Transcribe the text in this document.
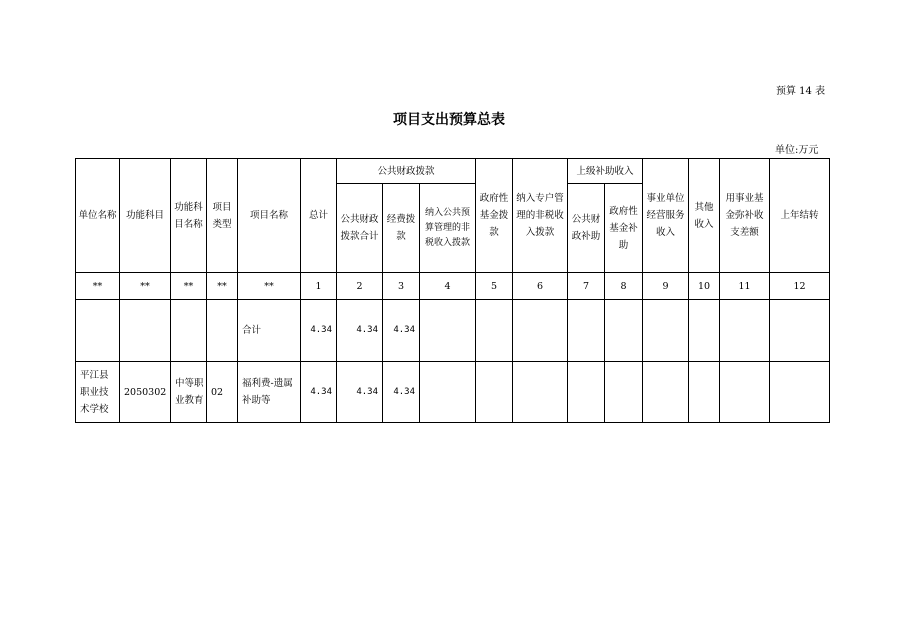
预算 14 表
项目支出预算总表
单位:万元
单位名称	功能科目	功能科目名称	项目类型	项目名称	总计	公共财政拨款			政府性基金拨款	纳入专户管理的非税收入拨款	上级补助收入		事业单位经营服务收入	其他收入	用事业基金弥补收支差额	上年结转
						公共财政拨款合计	经费拨款	纳入公共预算管理的非税收入拨款			公共财政补助	政府性基金补助				
**	**	**	**	**	1	2	3	4	5	6	7	8	9	10	11	12
				合计	4.34	4.34	4.34									
平江县职业技术学校	2050302	中等职业教育	02	福利费-遗属补助等	4.34	4.34	4.34									
